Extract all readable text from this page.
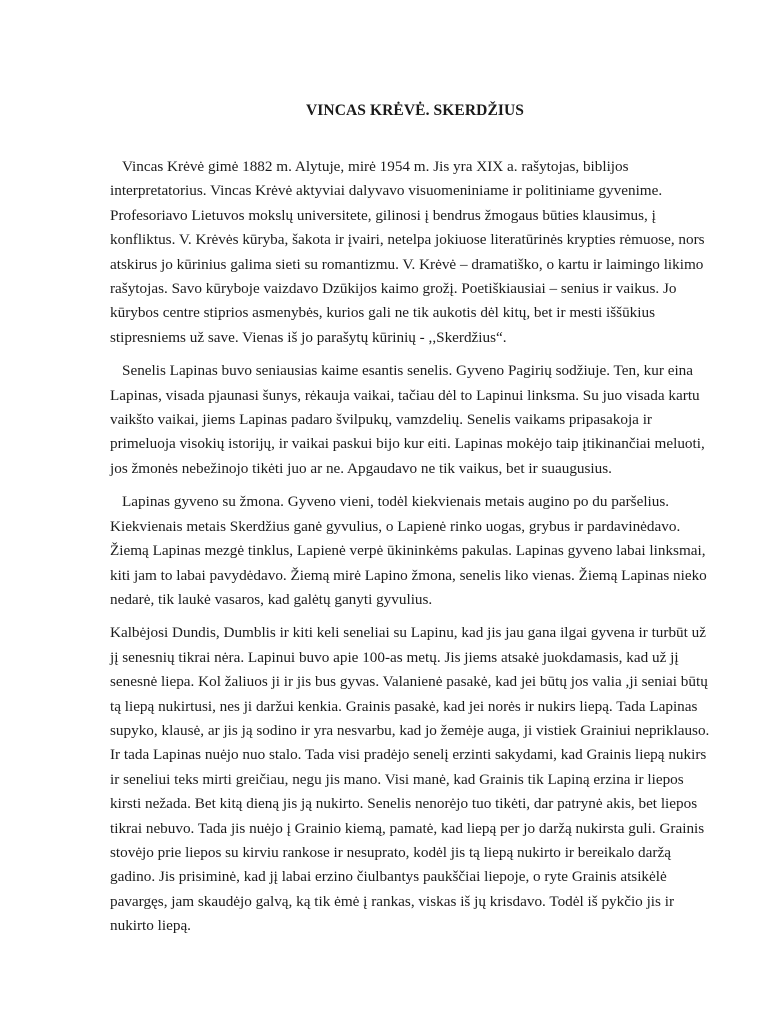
VINCAS KRĖVĖ. SKERDŽIUS

Vincas Krėvė gimė 1882 m. Alytuje, mirė 1954 m. Jis yra XIX a. rašytojas, biblijos interpretatorius. Vincas Krėvė aktyviai dalyvavo visuomeniniame ir politiniame gyvenime. Profesoriavo Lietuvos mokslų universitete, gilinosi į bendrus žmogaus būties klausimus, į konfliktus. V. Krėvės kūryba, šakota ir įvairi, netelpa jokiuose literatūrinės krypties rėmuose, nors atskirus jo kūrinius galima sieti su romantizmu. V. Krėvė – dramatiško, o kartu ir laimingo likimo rašytojas. Savo kūryboje vaizdavo Dzūkijos kaimo grožį. Poetiškiausiai – senius ir vaikus. Jo kūrybos centre stiprios asmenybės, kurios gali ne tik aukotis dėl kitų, bet ir mesti iššūkius stipresniems už save. Vienas iš jo parašytų kūrinių - ,,Skerdžius“.

Senelis Lapinas buvo seniausias kaime esantis senelis. Gyveno Pagirių sodžiuje. Ten, kur eina Lapinas, visada pjaunasi šunys, rėkauja vaikai, tačiau dėl to Lapinui linksma. Su juo visada kartu vaikšto vaikai, jiems Lapinas padaro švilpukų, vamzdelių. Senelis vaikams pripasakoja ir primeluoja visokių istorijų, ir vaikai paskui bijo kur eiti. Lapinas mokėjo taip įtikinančiai meluoti, jos žmonės nebežinojo tikėti juo ar ne. Apgaudavo ne tik vaikus, bet ir suaugusius.

Lapinas gyveno su žmona. Gyveno vieni, todėl kiekvienais metais augino po du paršelius. Kiekvienais metais Skerdžius ganė gyvulius, o Lapienė rinko uogas, grybus ir pardavinėdavo. Žiemą Lapinas mezgė tinklus, Lapienė verpė ūkininkėms pakulas. Lapinas gyveno labai linksmai, kiti jam to labai pavydėdavo. Žiemą mirė Lapino žmona, senelis liko vienas. Žiemą Lapinas nieko nedarė, tik laukė vasaros, kad galėtų ganyti gyvulius.

Kalbėjosi Dundis, Dumblis ir kiti keli seneliai su Lapinu, kad jis jau gana ilgai gyvena ir turbūt už jį senesnių tikrai nėra. Lapinui buvo apie 100-as metų. Jis jiems atsakė juokdamasis, kad už jį senesnė liepa. Kol žaliuos ji ir jis bus gyvas. Valanienė pasakė, kad jei būtų jos valia ,ji seniai būtų tą liepą nukirtusi, nes ji daržui kenkia. Grainis pasakė, kad jei norės ir nukirs liepą. Tada Lapinas supyko, klausė, ar jis ją sodino ir yra nesvarbu, kad jo žemėje auga, ji vistiek Grainiui nepriklauso. Ir tada Lapinas nuėjo nuo stalo. Tada visi pradėjo senelį erzinti sakydami, kad Grainis liepą nukirs ir seneliui teks mirti greičiau, negu jis mano. Visi manė, kad Grainis tik Lapiną erzina ir liepos kirsti nežada. Bet kitą dieną jis ją nukirto. Senelis nenorėjo tuo tikėti, dar patrynė akis, bet liepos tikrai nebuvo. Tada jis nuėjo į Grainio kiemą, pamatė, kad liepą per jo daržą nukirsta guli. Grainis stovėjo prie liepos su kirviu rankose ir nesuprato, kodėl jis tą liepą nukirto ir bereikalo daržą gadino. Jis prisiminė, kad jį labai erzino čiulbantys paukščiai liepoje, o ryte Grainis atsikėlė pavargęs, jam skaudėjo galvą, ką tik ėmė į rankas, viskas iš jų krisdavo. Todėl iš pykčio jis ir nukirto liepą.
